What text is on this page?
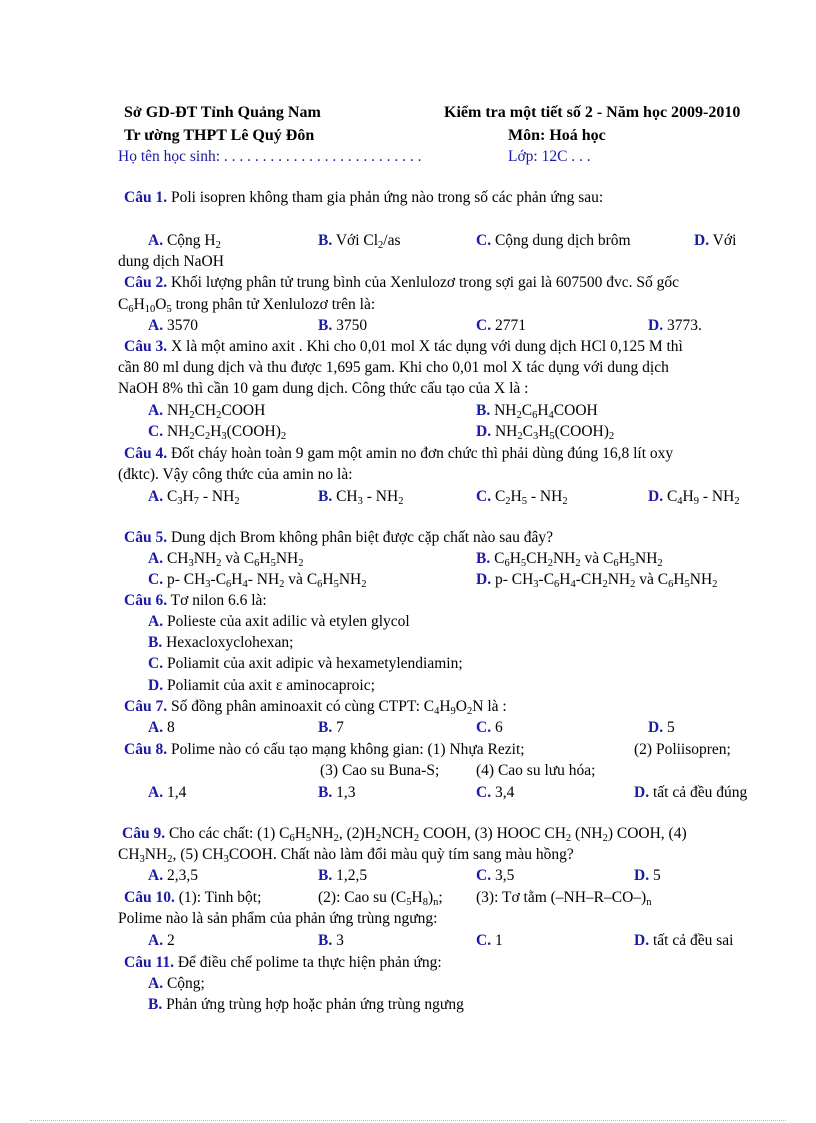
Sở GD-ĐT Tỉnh Quảng Nam	Kiểm tra một tiết số 2 - Năm học 2009-2010
Tr ường THPT Lê Quý Đôn	Môn: Hoá học
Họ tên học sinh: . . . . . . . . . . . . . . . . . . . . . . . . . .	Lớp: 12C . . .
Câu 1. Poli isopren không tham gia phản ứng nào trong số các phản ứng sau:
A. Cộng $H_2$	B. Với $Cl_2/as$	C. Cộng dung dịch brôm	D. Với
dung dịch NaOH
Câu 2. Khối lượng phân tử trung bình của Xenlulozơ trong sợi gai là 607500 đvc. Số gốc
$C_6H_{10}O_5$ trong phân tử Xenlulozơ trên là:
A. 3570	B. 3750	C. 2771	D. 3773.
Câu 3. X là một amino axit . Khi cho 0,01 mol X tác dụng với dung dịch HCl 0,125 M thì
cần 80 ml dung dịch và thu được 1,695 gam. Khi cho 0,01 mol X tác dụng với dung dịch
NaOH 8% thì cần 10 gam dung dịch. Công thức cấu tạo của X là :
A. $NH_2CH_2COOH$	B. $NH_2C_6H_4COOH$
C. $NH_2C_2H_3(COOH)_2$	D. $NH_2C_3H_5(COOH)_2$
Câu 4. Đốt cháy hoàn toàn 9 gam một amin no đơn chức thì phải dùng đúng 16,8 lít oxy
(đktc). Vậy công thức của amin no là:
A. $C_3H_7 - NH_2$	B. $CH_3 - NH_2$	C. $C_2H_5 - NH_2$	D. $C_4H_9 - NH_2$
Câu 5. Dung dịch Brom không phân biệt được cặp chất nào sau đây?
A. $CH_3NH_2$ và $C_6H_5NH_2$	B. $C_6H_5CH_2NH_2$ và $C_6H_5NH_2$
C. p- $CH_3-C_6H_4-$ $NH_2$ và $C_6H_5NH_2$	D. p- $CH_3-C_6H_4-CH_2NH_2$ và $C_6H_5NH_2$
Câu 6. Tơ nilon 6.6 là:
A. Polieste của axit adilic và etylen glycol
B. Hexacloxyclohexan;
C. Poliamit của axit adipic và hexametylendiamin;
D. Poliamit của axit ε aminocaproic;
Câu 7. Số đồng phân aminoaxit có cùng CTPT: $C_4H_9O_2N$ là :
A. 8	B. 7	C. 6	D. 5
Câu 8. Polime nào có cấu tạo mạng không gian: (1) Nhựa Rezit;	(2) Poliisopren;
(3) Cao su Buna-S; (4) Cao su lưu hóa;
A. 1,4	B. 1,3	C. 3,4	D. tất cả đều đúng
Câu 9. Cho các chất: (1) $C_6H_5NH_2$, $(2)H_2NCH_2$ COOH, (3) HOOC $CH_2$ $(NH_2)$ COOH, (4)
$CH_3NH_2$, (5) $CH_3COOH$. Chất nào làm đổi màu quỳ tím sang màu hồng?
A. 2,3,5	B. 1,2,5	C. 3,5	D. 5
Câu 10. (1): Tinh bột;	(2): Cao su $(C_5H_8)_n$; (3): Tơ tằm $(-NH-R-CO-)_n$
Polime nào là sản phẩm của phản ứng trùng ngưng:
A. 2	B. 3	C. 1	D. tất cả đều sai
Câu 11. Để điều chế polime ta thực hiện phản ứng:
A. Cộng;
B. Phản ứng trùng hợp hoặc phản ứng trùng ngưng
